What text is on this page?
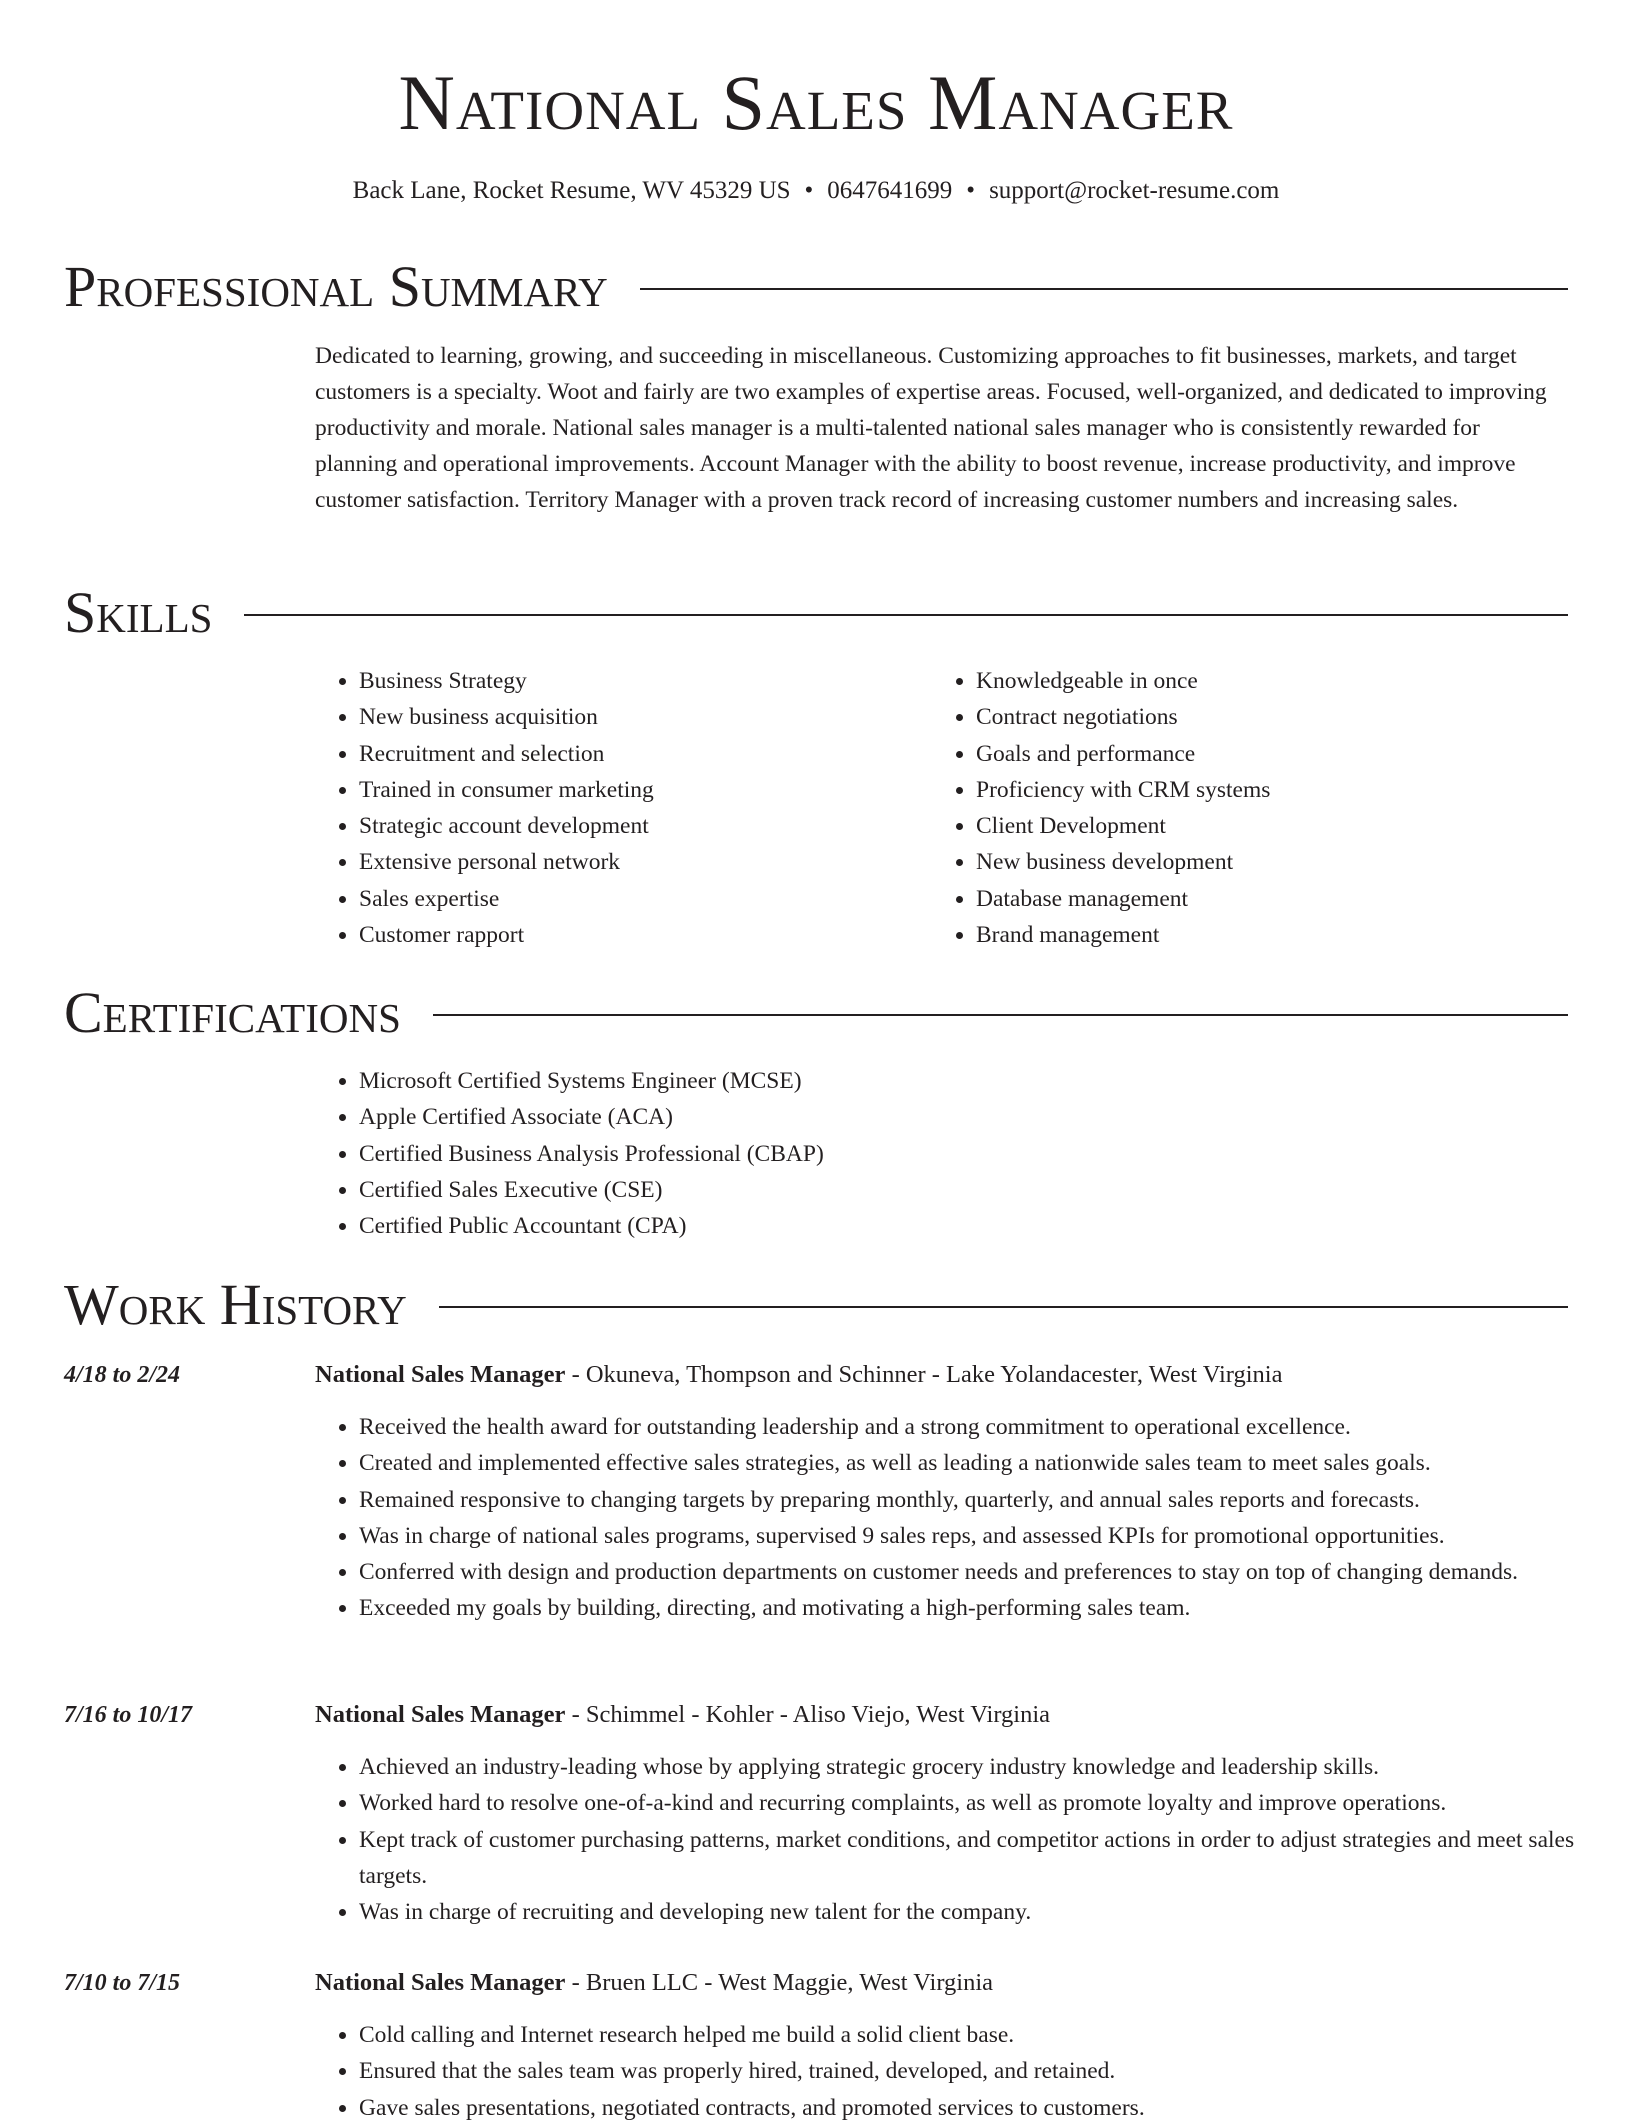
National Sales Manager
Back Lane, Rocket Resume, WV 45329 US • 0647641699 • support@rocket-resume.com
Professional Summary

Dedicated to learning, growing, and succeeding in miscellaneous. Customizing approaches to fit businesses, markets, and target customers is a specialty. Woot and fairly are two examples of expertise areas. Focused, well-organized, and dedicated to improving productivity and morale. National sales manager is a multi-talented national sales manager who is consistently rewarded for planning and operational improvements. Account Manager with the ability to boost revenue, increase productivity, and improve customer satisfaction. Territory Manager with a proven track record of increasing customer numbers and increasing sales.

Skills
• Business Strategy
• New business acquisition
• Recruitment and selection
• Trained in consumer marketing
• Strategic account development
• Extensive personal network
• Sales expertise
• Customer rapport
• Knowledgeable in once
• Contract negotiations
• Goals and performance
• Proficiency with CRM systems
• Client Development
• New business development
• Database management
• Brand management
Certifications
• Microsoft Certified Systems Engineer (MCSE)
• Apple Certified Associate (ACA)
• Certified Business Analysis Professional (CBAP)
• Certified Sales Executive (CSE)
• Certified Public Accountant (CPA)
Work History
4/18 to 2/24	National Sales Manager - Okuneva, Thompson and Schinner - Lake Yolandacester, West Virginia
• Received the health award for outstanding leadership and a strong commitment to operational excellence.
• Created and implemented effective sales strategies, as well as leading a nationwide sales team to meet sales goals.
• Remained responsive to changing targets by preparing monthly, quarterly, and annual sales reports and forecasts.
• Was in charge of national sales programs, supervised 9 sales reps, and assessed KPIs for promotional opportunities.
• Conferred with design and production departments on customer needs and preferences to stay on top of changing demands.
• Exceeded my goals by building, directing, and motivating a high-performing sales team.
7/16 to 10/17	National Sales Manager - Schimmel - Kohler - Aliso Viejo, West Virginia
• Achieved an industry-leading whose by applying strategic grocery industry knowledge and leadership skills.
• Worked hard to resolve one-of-a-kind and recurring complaints, as well as promote loyalty and improve operations.
• Kept track of customer purchasing patterns, market conditions, and competitor actions in order to adjust strategies and meet sales targets.
• Was in charge of recruiting and developing new talent for the company.
7/10 to 7/15	National Sales Manager - Bruen LLC - West Maggie, West Virginia
• Cold calling and Internet research helped me build a solid client base.
• Ensured that the sales team was properly hired, trained, developed, and retained.
• Gave sales presentations, negotiated contracts, and promoted services to customers.
